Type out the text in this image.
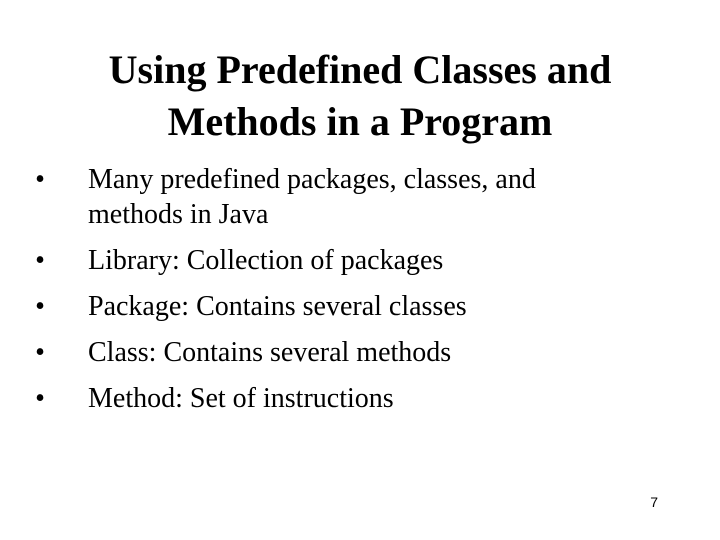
Using Predefined Classes and
Methods in a Program
• Many predefined packages, classes, and
methods in Java
• Library: Collection of packages
• Package: Contains several classes
• Class: Contains several methods
• Method: Set of instructions
7
